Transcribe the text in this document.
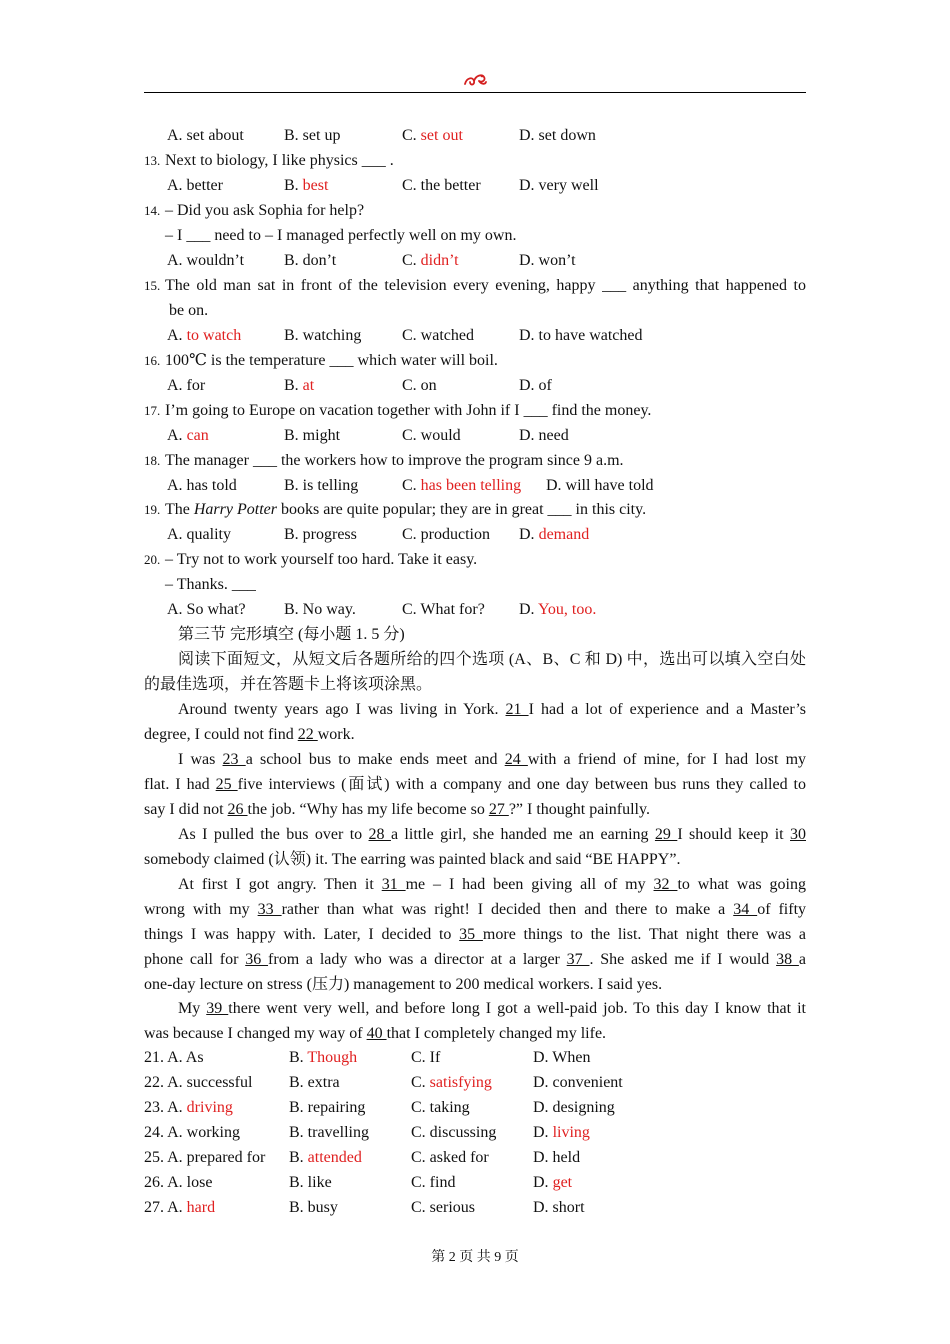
A. set about	B. set up	C. set out	D. set down
13. Next to biology, I like physics ___ .
A. better	B. best	C. the better D. very well
14. – Did you ask Sophia for help?
– I ___ need to – I managed perfectly well on my own.
A. wouldn’t B. don’t	C. didn’t	D. won’t
15. The old man sat in front of the television every evening, happy ___ anything that happened to
be on.
A. to watch	B. watching	C. watched	D. to have watched
16. 100℃ is the temperature ___ which water will boil.
A. for	B. at	C. on	D. of
17. I’m going to Europe on vacation together with John if I ___ find the money.
A. can	B. might	C. would	D. need
18. The manager ___ the workers how to improve the program since 9 a.m.
A. has told	B. is telling	C. has been telling D. will have told
19. The Harry Potter books are quite popular; they are in great ___ in this city.
A. quality	B. progress	C. production D. demand
20. – Try not to work yourself too hard. Take it easy.
– Thanks. ___
A. So what? B. No way.	C. What for? D. You, too.
第三节 完形填空 (每小题 1. 5 分)
阅读下面短文，从短文后各题所给的四个选项 (A、B、C 和 D) 中，选出可以填入空白处
的最佳选项，并在答题卡上将该项涂黑。
Around twenty years ago I was living in York. 21 I had a lot of experience and a Master’s
degree, I could not find 22 work.
I was 23 a school bus to make ends meet and 24 with a friend of mine, for I had lost my
flat. I had 25 five interviews (面试) with a company and one day between bus runs they called to
say I did not 26 the job. “Why has my life become so 27 ?” I thought painfully.
As I pulled the bus over to 28 a little girl, she handed me an earning 29 I should keep it 30
somebody claimed (认领) it. The earring was painted black and said “BE HAPPY”.
At first I got angry. Then it 31 me – I had been giving all of my 32 to what was going
wrong with my 33 rather than what was right! I decided then and there to make a 34 of fifty
things I was happy with. Later, I decided to 35 more things to the list. That night there was a
phone call for 36 from a lady who was a director at a larger 37 . She asked me if I would 38 a
one-day lecture on stress (压力) management to 200 medical workers. I said yes.
My 39 there went very well, and before long I got a well-paid job. To this day I know that it
was because I changed my way of 40 that I completely changed my life.
21. A. As	B. Though	C. If	D. When
22. A. successful B. extra	C. satisfying	D. convenient
23. A. driving	B. repairing	C. taking	D. designing
24. A. working	B. travelling	C. discussing D. living
25. A. prepared for B. attended	C. asked for	D. held
26. A. lose	B. like	C. find	D. get
27. A. hard	B. busy	C. serious	D. short
第 2 页 共 9 页
